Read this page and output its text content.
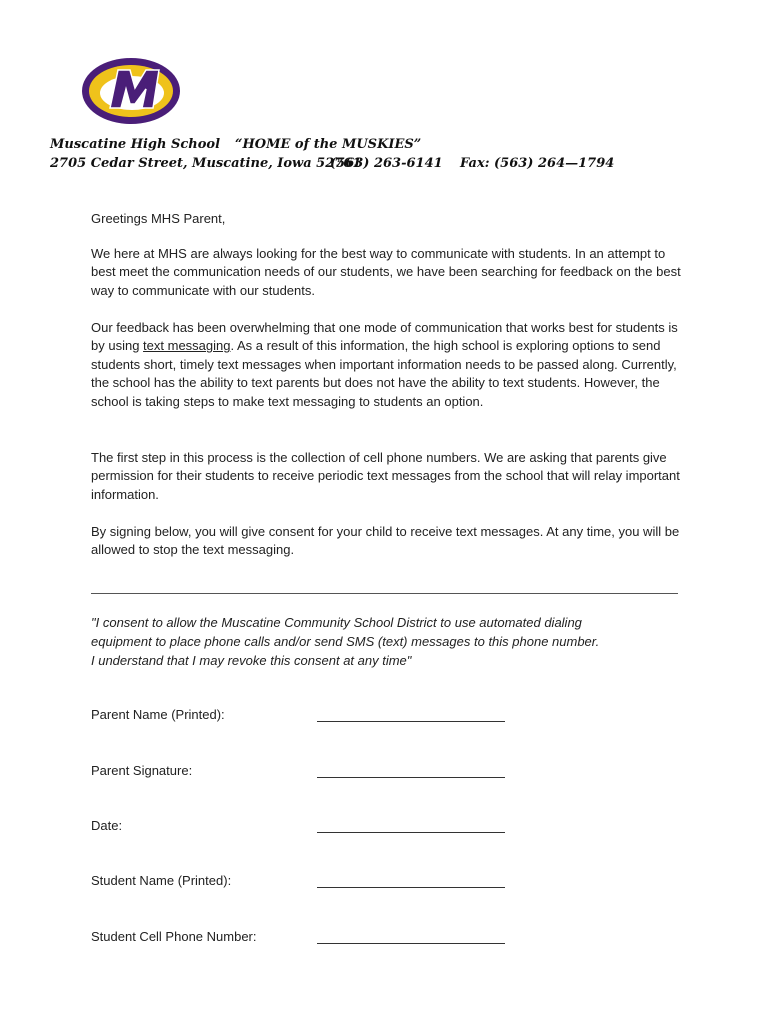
Muscatine High School “HOME of the MUSKIES”
2705 Cedar Street, Muscatine, Iowa 52761
(563) 263-6141 Fax: (563) 264—1794

Greetings MHS Parent,

We here at MHS are always looking for the best way to communicate with students. In an attempt to best meet the communication needs of our students, we have been searching for feedback on the best way to communicate with our students.

Our feedback has been overwhelming that one mode of communication that works best for students is by using text messaging. As a result of this information, the high school is exploring options to send students short, timely text messages when important information needs to be passed along. Currently, the school has the ability to text parents but does not have the ability to text students. However, the school is taking steps to make text messaging to students an option.

The first step in this process is the collection of cell phone numbers. We are asking that parents give permission for their students to receive periodic text messages from the school that will relay important information.

By signing below, you will give consent for your child to receive text messages. At any time, you will be allowed to stop the text messaging.

"I consent to allow the Muscatine Community School District to use automated dialing
equipment to place phone calls and/or send SMS (text) messages to this phone number.
I understand that I may revoke this consent at any time"
Parent Name (Printed):
Parent Signature:
Date:
Student Name (Printed):
Student Cell Phone Number:
